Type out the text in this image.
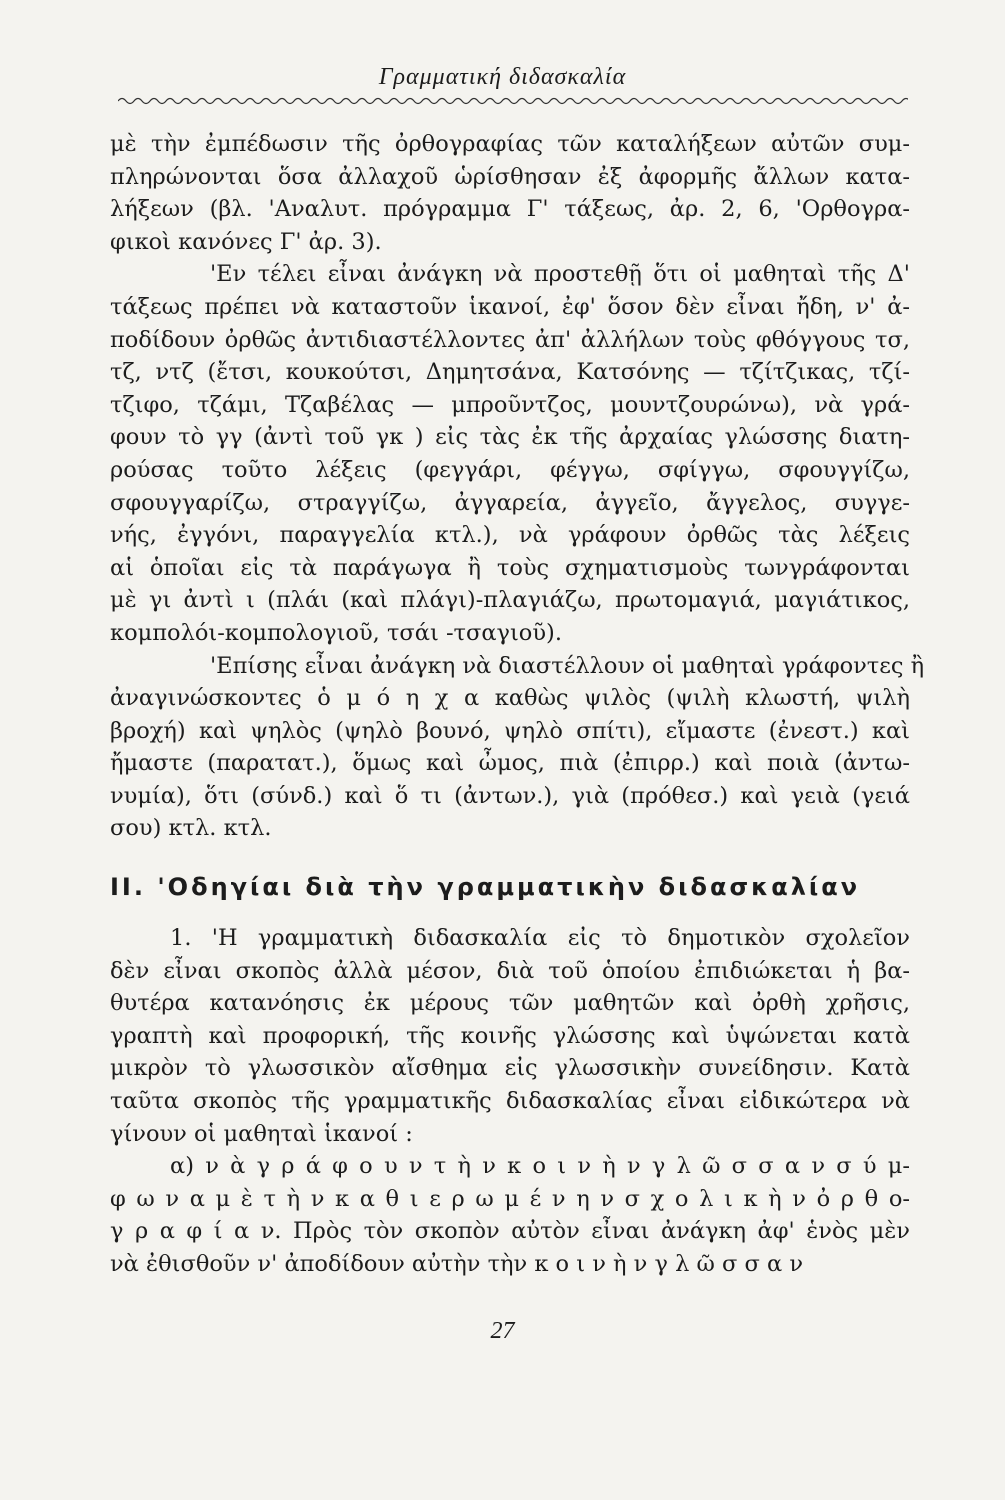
Γραμματική διδασκαλία

μὲ τὴν ἐμπέδωσιν τῆς ὀρθογραφίας τῶν καταλήξεων αὐτῶν συμ-
πληρώνονται ὅσα ἀλλαχοῦ ὡρίσθησαν ἐξ ἀφορμῆς ἄλλων κατα-
λήξεων (βλ. 'Αναλυτ. πρόγραμμα Γ' τάξεως, ἀρ. 2, 6, 'Ορθογρα-
φικοὶ κανόνες Γ' ἀρ. 3).

'Εν τέλει εἶναι ἀνάγκη νὰ προστεθῇ ὅτι οἱ μαθηταὶ τῆς Δ'
τάξεως πρέπει νὰ καταστοῦν ἱκανοί, ἐφ' ὅσον δὲν εἶναι ἤδη, ν' ἀ-
ποδίδουν ὀρθῶς ἀντιδιαστέλλοντες ἀπ' ἀλλήλων τοὺς φθόγγους τσ,
τζ, ντζ (ἔτσι, κουκούτσι, Δημητσάνα, Κατσόνης — τζίτζικας, τζί-
τζιφο, τζάμι, Τζαβέλας — μπροῦντζος, μουντζουρώνω), νὰ γρά-
φουν τὸ γγ (ἀντὶ τοῦ γκ ) εἰς τὰς ἐκ τῆς ἀρχαίας γλώσσης διατη-
ρούσας τοῦτο λέξεις (φεγγάρι, φέγγω, σφίγγω, σφουγγίζω,
σφουγγαρίζω, στραγγίζω, ἀγγαρεία, ἀγγεῖο, ἄγγελος, συγγε-
νής, ἐγγόνι, παραγγελία κτλ.), νὰ γράφουν ὀρθῶς τὰς λέξεις
αἱ ὁποῖαι εἰς τὰ παράγωγα ἢ τοὺς σχηματισμοὺς τωνγράφονται
μὲ γι ἀντὶ ι (πλάι (καὶ πλάγι)-πλαγιάζω, πρωτομαγιά, μαγιάτικος,
κομπολόι-κομπολογιοῦ, τσάι -τσαγιοῦ).

'Επίσης εἶναι ἀνάγκη νὰ διαστέλλουν οἱ μαθηταὶ γράφοντες ἢ
ἀναγινώσκοντες ὁ μ ό η χ α καθὼς ψιλὸς (ψιλὴ κλωστή, ψιλὴ
βροχή) καὶ ψηλὸς (ψηλὸ βουνό, ψηλὸ σπίτι), εἴμαστε (ἐνεστ.) καὶ
ἤμαστε (παρατατ.), ὅμως καὶ ὦμος, πιὰ (ἐπιρρ.) καὶ ποιὰ (ἀντω-
νυμία), ὅτι (σύνδ.) καὶ ὅ τι (ἀντων.), γιὰ (πρόθεσ.) καὶ γειὰ (γειά
σου) κτλ. κτλ.

ΙΙ. 'Οδηγίαι διὰ τὴν γραμματικὴν διδασκαλίαν

1. 'Η γραμματικὴ διδασκαλία εἰς τὸ δημοτικὸν σχολεῖον
δὲν εἶναι σκοπὸς ἀλλὰ μέσον, διὰ τοῦ ὁποίου ἐπιδιώκεται ἡ βα-
θυτέρα κατανόησις ἐκ μέρους τῶν μαθητῶν καὶ ὀρθὴ χρῆσις,
γραπτὴ καὶ προφορική, τῆς κοινῆς γλώσσης καὶ ὑψώνεται κατὰ
μικρὸν τὸ γλωσσικὸν αἴσθημα εἰς γλωσσικὴν συνείδησιν. Κατὰ
ταῦτα σκοπὸς τῆς γραμματικῆς διδασκαλίας εἶναι εἰδικώτερα νὰ
γίνουν οἱ μαθηταὶ ἱκανοί :

α) ν ὰ γ ρ ά φ ο υ ν τ ὴ ν κ ο ι ν ὴ ν γ λ ῶ σ σ α ν σ ύ μ-
φ ω ν α μ ὲ τ ὴ ν κ α θ ι ε ρ ω μ έ ν η ν σ χ ο λ ι κ ὴ ν ὀ ρ θ ο-
γ ρ α φ ί α ν. Πρὸς τὸν σκοπὸν αὐτὸν εἶναι ἀνάγκη ἀφ' ἑνὸς μὲν
νὰ ἐθισθοῦν ν' ἀποδίδουν αὐτὴν τὴν κ ο ι ν ὴ ν γ λ ῶ σ σ α ν

27
